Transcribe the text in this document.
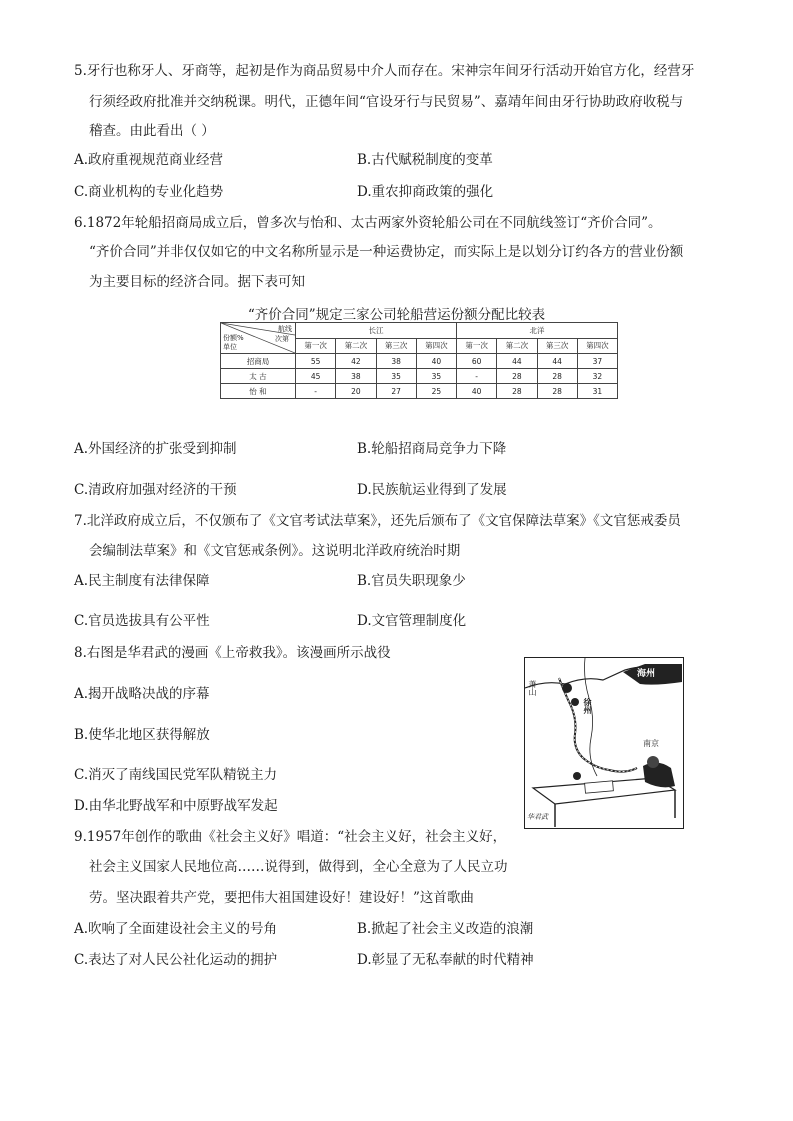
5.牙行也称牙人、牙商等，起初是作为商品贸易中介人而存在。宋神宗年间牙行活动开始官方化，经营牙
行须经政府批准并交纳税课。明代，正德年间“官设牙行与民贸易”、嘉靖年间由牙行协助政府收税与
稽查。由此看出（ ）
A.政府重视规范商业经营	B.古代赋税制度的变革
C.商业机构的专业化趋势	D.重农抑商政策的强化
6.1872年轮船招商局成立后，曾多次与怡和、太古两家外资轮船公司在不同航线签订“齐价合同”。
“齐价合同”并非仅仅如它的中文名称所显示是一种运费协定，而实际上是以划分订约各方的营业份额
为主要目标的经济合同。据下表可知
“齐价合同”规定三家公司轮船营运份额分配比较表
航线
次第
份额%
单位	长江				北洋			
	第一次	第二次	第三次	第四次	第一次	第二次	第三次	第四次
招商局	55	42	38	40	60	44	44	37
太 古	45	38	35	35	-	28	28	32
怡 和	-	20	27	25	40	28	28	31
A.外国经济的扩张受到抑制	B.轮船招商局竞争力下降
C.清政府加强对经济的干预	D.民族航运业得到了发展
7.北洋政府成立后，不仅颁布了《文官考试法草案》，还先后颁布了《文官保障法草案》《文官惩戒委员
会编制法草案》和《文官惩戒条例》。这说明北洋政府统治时期
A.民主制度有法律保障	B.官员失职现象少
C.官员选拔具有公平性	D.文官管理制度化
8.右图是华君武的漫画《上帝救我》。该漫画所示战役
A.揭开战略决战的序幕
B.使华北地区获得解放
C.消灭了南线国民党军队精锐主力
D.由华北野战军和中原野战军发起
海州
萧山
徐州
南京
华君武
9.1957年创作的歌曲《社会主义好》唱道：“社会主义好，社会主义好，
社会主义国家人民地位高……说得到，做得到，全心全意为了人民立功
劳。坚决跟着共产党，要把伟大祖国建设好！建设好！”这首歌曲
A.吹响了全面建设社会主义的号角	B.掀起了社会主义改造的浪潮
C.表达了对人民公社化运动的拥护	D.彰显了无私奉献的时代精神
